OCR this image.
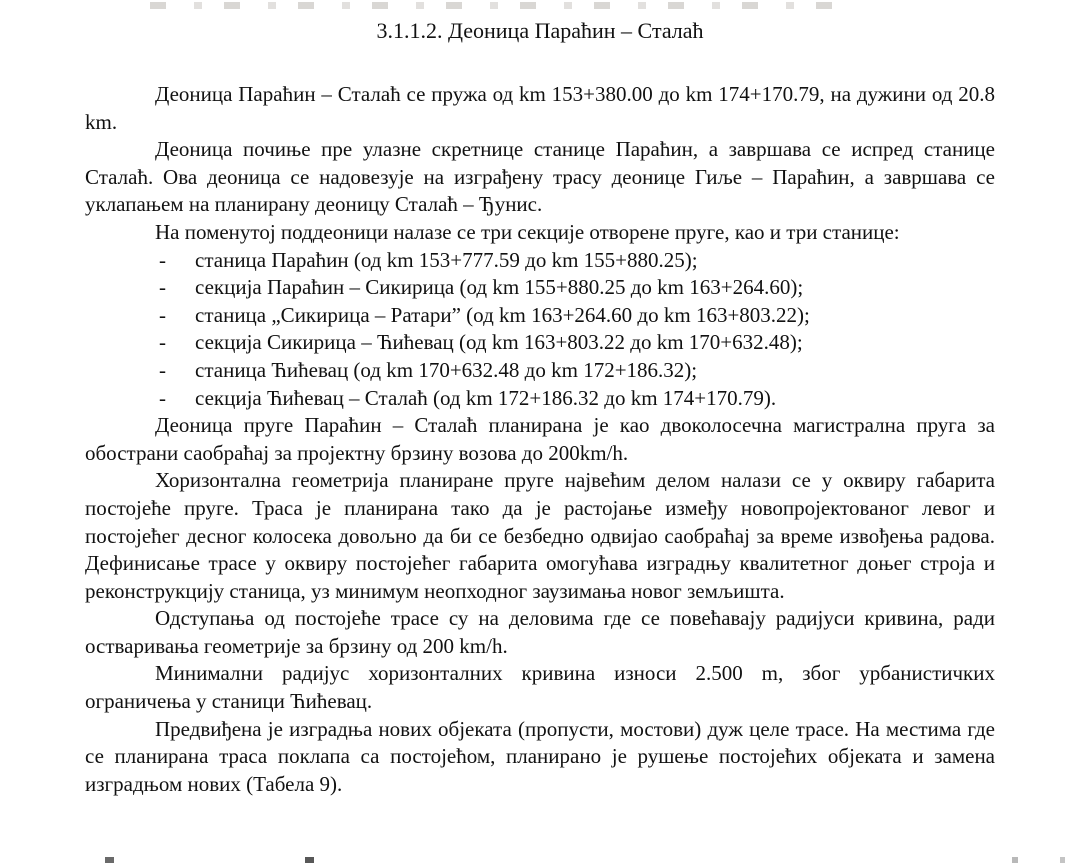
3.1.1.2. Деоница Параћин – Сталаћ

Деоница Параћин – Сталаћ се пружа од km 153+380.00 до km 174+170.79, на дужини од 20.8 km.

Деоница почиње пре улазне скретнице станице Параћин, а завршава се испред станице Сталаћ. Ова деоница се надовезује на изграђену трасу деонице Гиље – Параћин, а завршава се уклапањем на планирану деоницу Сталаћ – Ђунис.

На поменутој поддеоници налазе се три секције отворене пруге, као и три станице:

- станица Параћин (од km 153+777.59 до km 155+880.25);
- секција Параћин – Сикирица (од km 155+880.25 до km 163+264.60);
- станица „Сикирица – Ратари” (од km 163+264.60 до km 163+803.22);
- секција Сикирица – Ћићевац (од km 163+803.22 до km 170+632.48);
- станица Ћићевац (од km 170+632.48 до km 172+186.32);
- секција Ћићевац – Сталаћ (од km 172+186.32 до km 174+170.79).

Деоница пруге Параћин – Сталаћ планирана је као двоколосечна магистрална пруга за обострани саобраћај за пројектну брзину возова до 200km/h.

Хоризонтална геометрија планиране пруге највећим делом налази се у оквиру габарита постојеће пруге. Траса је планирана тако да је растојање између новопројектованог левог и постојећег десног колосека довољно да би се безбедно одвијао саобраћај за време извођења радова. Дефинисање трасе у оквиру постојећег габарита омогућава изградњу квалитетног доњег строја и реконструкцију станица, уз минимум неопходног заузимања новог земљишта.

Одступања од постојеће трасе су на деловима где се повећавају радијуси кривина, ради остваривања геометрије за брзину од 200 km/h.

Минимални радијус хоризонталних кривина износи 2.500 m, због урбанистичких ограничења у станици Ћићевац.

Предвиђена је изградња нових објеката (пропусти, мостови) дуж целе трасе. На местима где се планирана траса поклапа са постојећом, планирано је рушење постојећих објеката и замена изградњом нових (Табела 9).
